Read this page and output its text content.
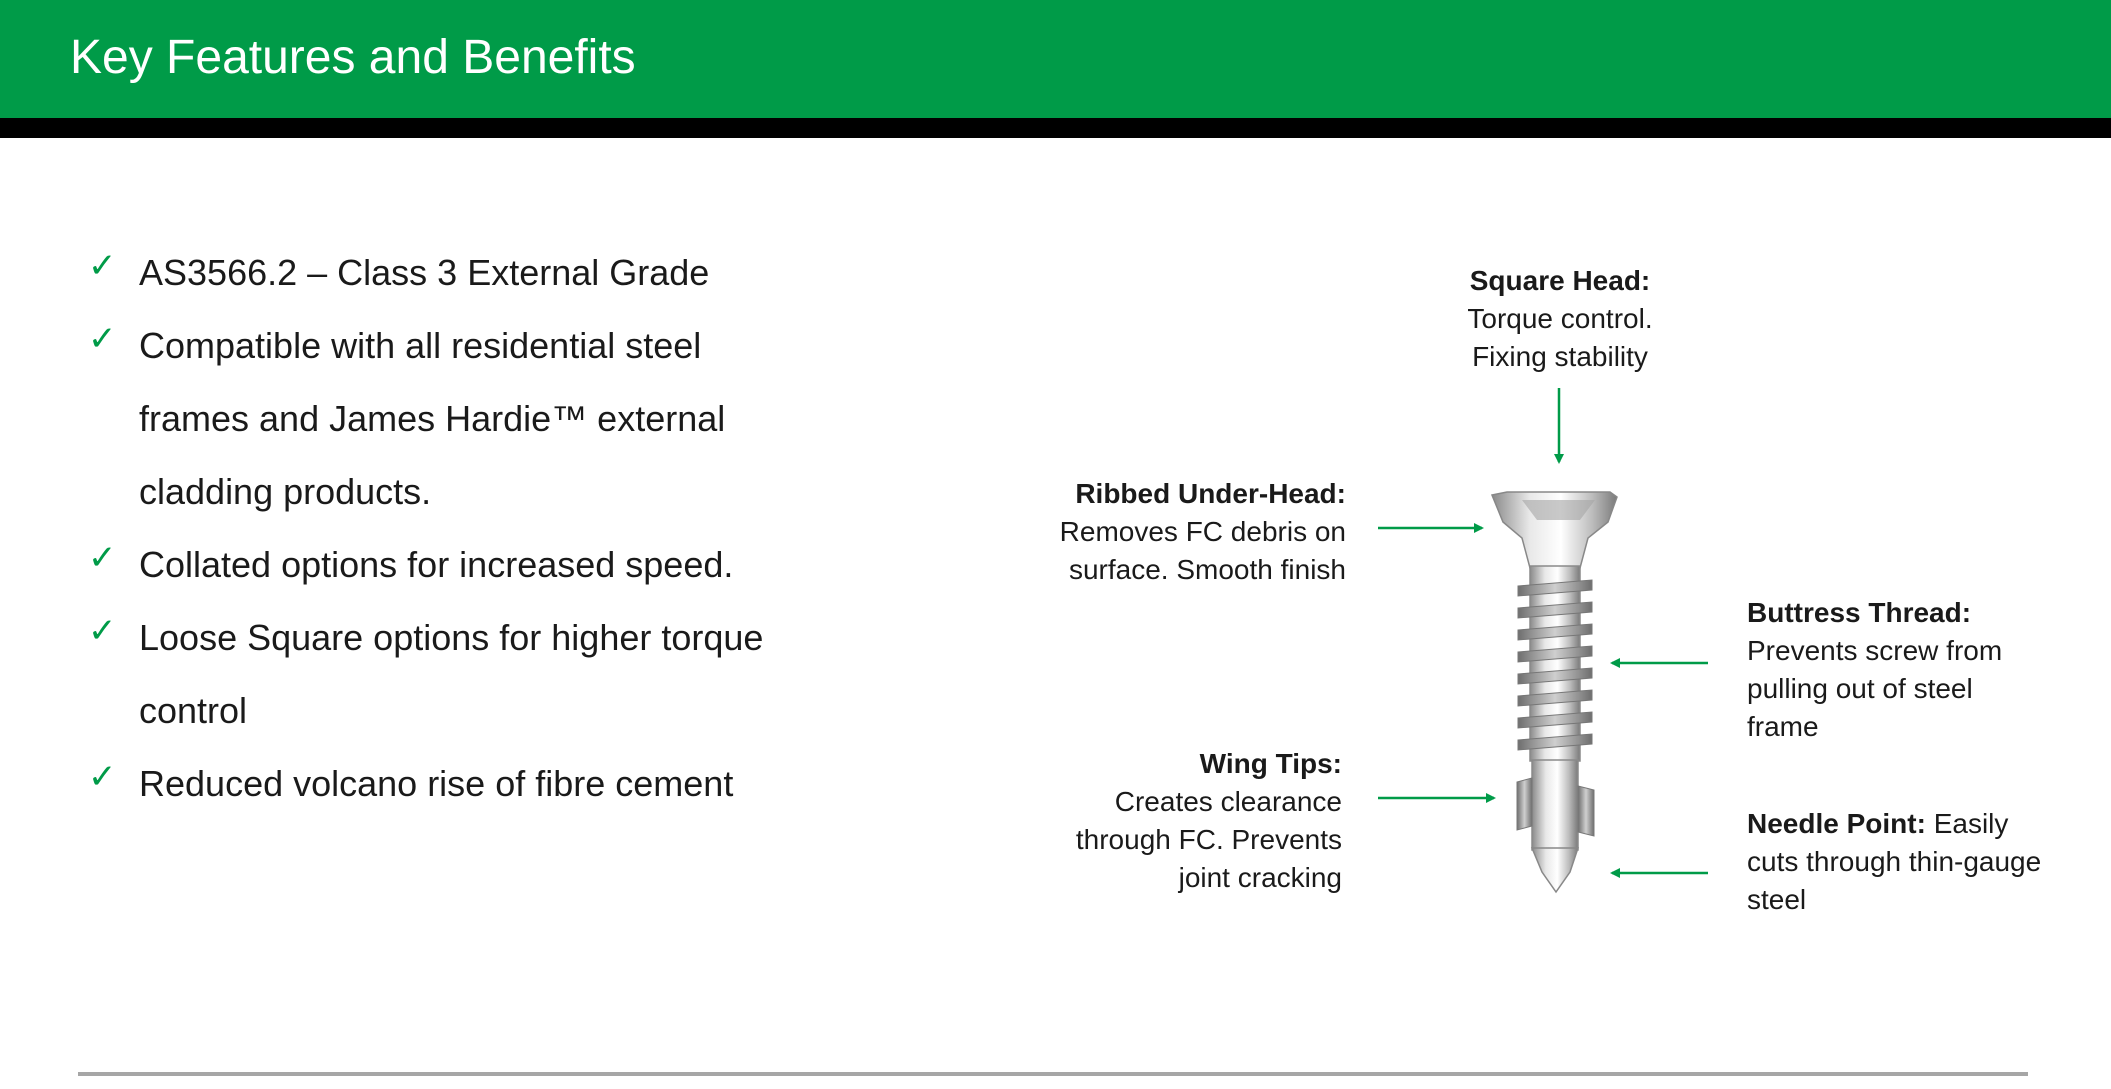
Key Features and Benefits
✓ AS3566.2 – Class 3 External Grade
✓ Compatible with all residential steel
frames and James Hardie™ external
cladding products.
✓ Collated options for increased speed.
✓ Loose Square options for higher torque
control
✓ Reduced volcano rise of fibre cement
Square Head:
Torque control.
Fixing stability
Ribbed Under-Head:
Removes FC debris on
surface. Smooth finish
Buttress Thread:
Prevents screw from
pulling out of steel
frame
Wing Tips:
Creates clearance
through FC. Prevents
joint cracking
Needle Point: Easily
cuts through thin-gauge
steel
